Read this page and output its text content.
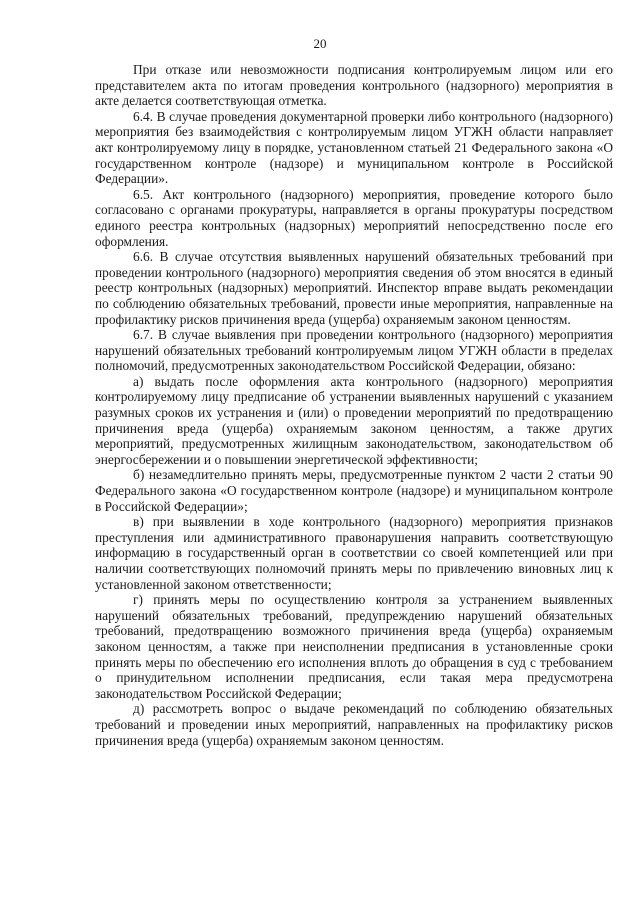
20

При отказе или невозможности подписания контролируемым лицом или его представителем акта по итогам проведения контрольного (надзорного) мероприятия в акте делается соответствующая отметка.

6.4. В случае проведения документарной проверки либо контрольного (надзорного) мероприятия без взаимодействия с контролируемым лицом УГЖН области направляет акт контролируемому лицу в порядке, установленном статьей 21 Федерального закона «О государственном контроле (надзоре) и муниципальном контроле в Российской Федерации».

6.5. Акт контрольного (надзорного) мероприятия, проведение которого было согласовано с органами прокуратуры, направляется в органы прокуратуры посредством единого реестра контрольных (надзорных) мероприятий непосредственно после его оформления.

6.6. В случае отсутствия выявленных нарушений обязательных требований при проведении контрольного (надзорного) мероприятия сведения об этом вносятся в единый реестр контрольных (надзорных) мероприятий. Инспектор вправе выдать рекомендации по соблюдению обязательных требований, провести иные мероприятия, направленные на профилактику рисков причинения вреда (ущерба) охраняемым законом ценностям.

6.7. В случае выявления при проведении контрольного (надзорного) мероприятия нарушений обязательных требований контролируемым лицом УГЖН области в пределах полномочий, предусмотренных законодательством Российской Федерации, обязано:

а) выдать после оформления акта контрольного (надзорного) мероприятия контролируемому лицу предписание об устранении выявленных нарушений с указанием разумных сроков их устранения и (или) о проведении мероприятий по предотвращению причинения вреда (ущерба) охраняемым законом ценностям, а также других мероприятий, предусмотренных жилищным законодательством, законодательством об энергосбережении и о повышении энергетической эффективности;

б) незамедлительно принять меры, предусмотренные пунктом 2 части 2 статьи 90 Федерального закона «О государственном контроле (надзоре) и муниципальном контроле в Российской Федерации»;

в) при выявлении в ходе контрольного (надзорного) мероприятия признаков преступления или административного правонарушения направить соответствующую информацию в государственный орган в соответствии со своей компетенцией или при наличии соответствующих полномочий принять меры по привлечению виновных лиц к установленной законом ответственности;

г) принять меры по осуществлению контроля за устранением выявленных нарушений обязательных требований, предупреждению нарушений обязательных требований, предотвращению возможного причинения вреда (ущерба) охраняемым законом ценностям, а также при неисполнении предписания в установленные сроки принять меры по обеспечению его исполнения вплоть до обращения в суд с требованием о принудительном исполнении предписания, если такая мера предусмотрена законодательством Российской Федерации;

д) рассмотреть вопрос о выдаче рекомендаций по соблюдению обязательных требований и проведении иных мероприятий, направленных на профилактику рисков причинения вреда (ущерба) охраняемым законом ценностям.
